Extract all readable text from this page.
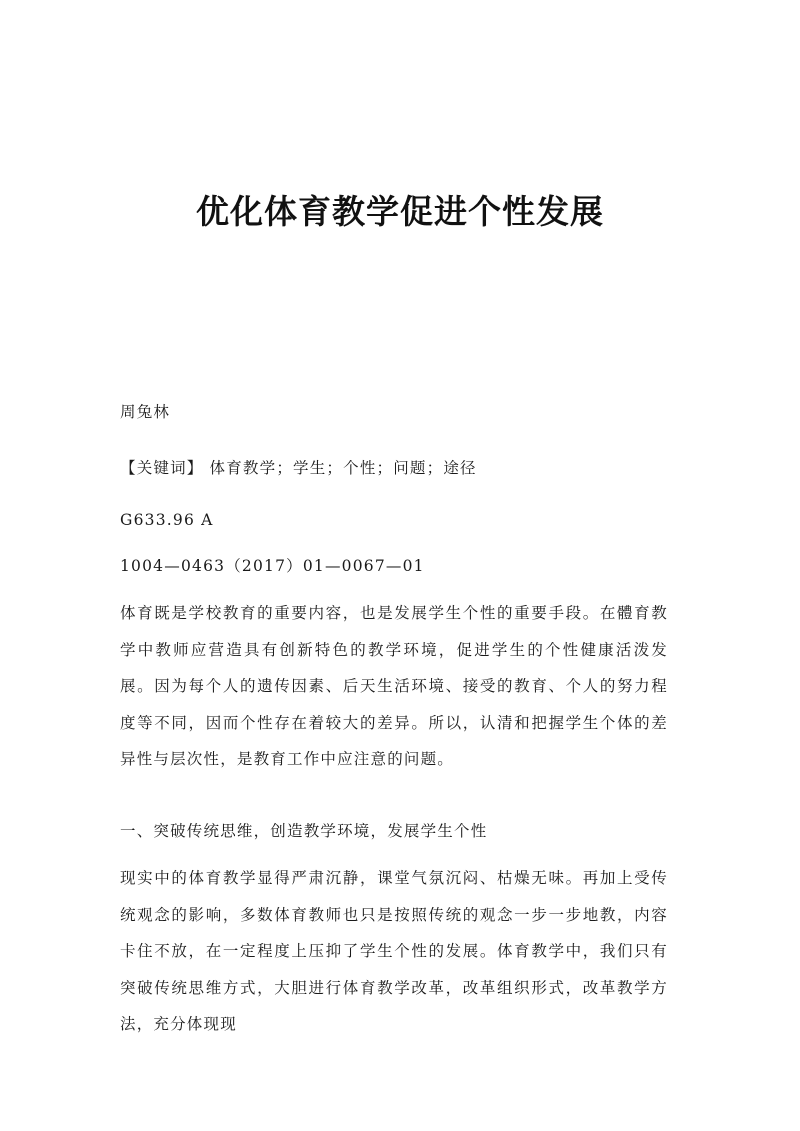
优化体育教学促进个性发展

周兔林

【关键词】 体育教学；学生；个性；问题；途径

G633.96 A

1004—0463（2017）01—0067—01

体育既是学校教育的重要内容，也是发展学生个性的重要手段。在體育教学中教师应营造具有创新特色的教学环境，促进学生的个性健康活泼发展。因为每个人的遗传因素、后天生活环境、接受的教育、个人的努力程度等不同，因而个性存在着较大的差异。所以，认清和把握学生个体的差异性与层次性，是教育工作中应注意的问题。

一、突破传统思维，创造教学环境，发展学生个性

现实中的体育教学显得严肃沉静，课堂气氛沉闷、枯燥无味。再加上受传统观念的影响，多数体育教师也只是按照传统的观念一步一步地教，内容卡住不放，在一定程度上压抑了学生个性的发展。体育教学中，我们只有突破传统思维方式，大胆进行体育教学改革，改革组织形式，改革教学方法，充分体现现
